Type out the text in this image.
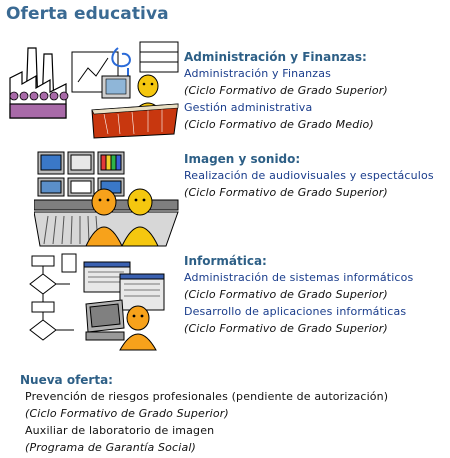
Oferta educativa
Administración y Finanzas:
Administración y Finanzas
(Ciclo Formativo de Grado Superior)
Gestión administrativa
(Ciclo Formativo de Grado Medio)
Imagen y sonido:
Realización de audiovisuales y espectáculos
(Ciclo Formativo de Grado Superior)
Informática:
Administración de sistemas informáticos
(Ciclo Formativo de Grado Superior)
Desarrollo de aplicaciones informáticas
(Ciclo Formativo de Grado Superior)
Nueva oferta:
Prevención de riesgos profesionales (pendiente de autorización)
(Ciclo Formativo de Grado Superior)
Auxiliar de laboratorio de imagen
(Programa de Garantía Social)
